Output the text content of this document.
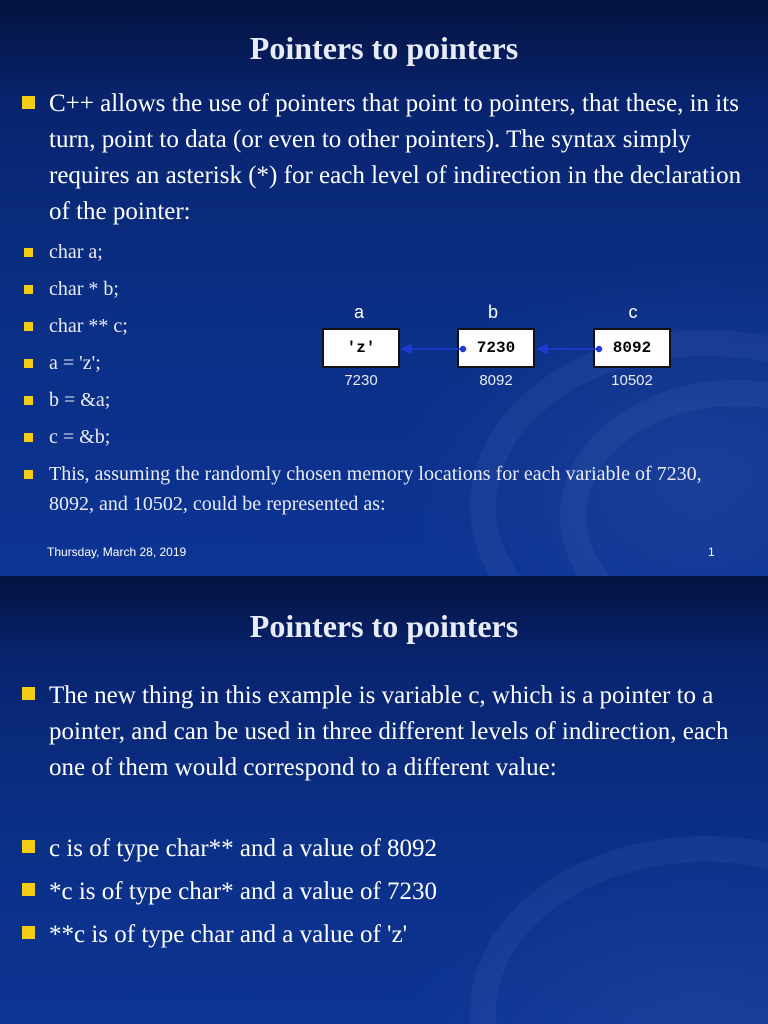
Pointers to pointers

C++ allows the use of pointers that point to pointers, that these, in its turn, point to data (or even to other pointers). The syntax simply requires an asterisk (*) for each level of indirection in the declaration of the pointer:

char a;

char * b;

char ** c;

a = 'z';

b = &a;

c = &b;

This, assuming the randomly chosen memory locations for each variable of 7230, 8092, and 10502, could be represented as:

a	b	c
'z'	7230	8092
7230	8092	10502
Thursday, March 28, 2019	1
Pointers to pointers

The new thing in this example is variable c, which is a pointer to a pointer, and can be used in three different levels of indirection, each one of them would correspond to a different value:

c is of type char** and a value of 8092

*c is of type char* and a value of 7230

**c is of type char and a value of 'z'
